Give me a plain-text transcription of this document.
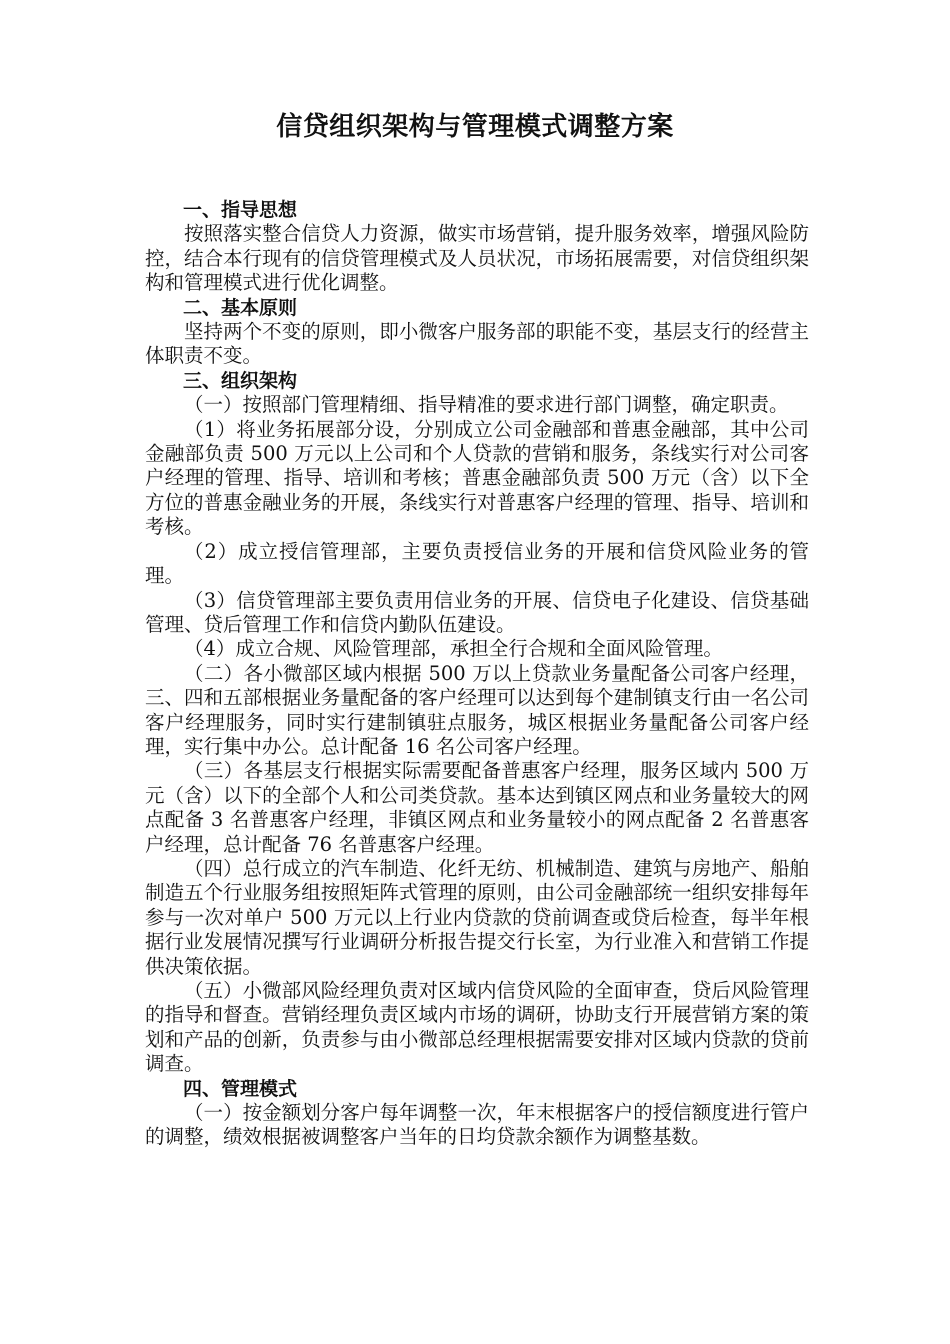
信贷组织架构与管理模式调整方案

一、指导思想

按照落实整合信贷人力资源，做实市场营销，提升服务效率，增强风险防控，结合本行现有的信贷管理模式及人员状况，市场拓展需要，对信贷组织架构和管理模式进行优化调整。

二、基本原则

坚持两个不变的原则，即小微客户服务部的职能不变，基层支行的经营主体职责不变。

三、组织架构

（一）按照部门管理精细、指导精准的要求进行部门调整，确定职责。

（1）将业务拓展部分设，分别成立公司金融部和普惠金融部，其中公司金融部负责 500 万元以上公司和个人贷款的营销和服务，条线实行对公司客户经理的管理、指导、培训和考核；普惠金融部负责 500 万元（含）以下全方位的普惠金融业务的开展，条线实行对普惠客户经理的管理、指导、培训和考核。

（2）成立授信管理部，主要负责授信业务的开展和信贷风险业务的管理。

（3）信贷管理部主要负责用信业务的开展、信贷电子化建设、信贷基础管理、贷后管理工作和信贷内勤队伍建设。

（4）成立合规、风险管理部，承担全行合规和全面风险管理。

（二）各小微部区域内根据 500 万以上贷款业务量配备公司客户经理，三、四和五部根据业务量配备的客户经理可以达到每个建制镇支行由一名公司客户经理服务，同时实行建制镇驻点服务，城区根据业务量配备公司客户经理，实行集中办公。总计配备 16 名公司客户经理。

（三）各基层支行根据实际需要配备普惠客户经理，服务区域内 500 万元（含）以下的全部个人和公司类贷款。基本达到镇区网点和业务量较大的网点配备 3 名普惠客户经理，非镇区网点和业务量较小的网点配备 2 名普惠客户经理，总计配备 76 名普惠客户经理。

（四）总行成立的汽车制造、化纤无纺、机械制造、建筑与房地产、船舶制造五个行业服务组按照矩阵式管理的原则，由公司金融部统一组织安排每年参与一次对单户 500 万元以上行业内贷款的贷前调查或贷后检查，每半年根据行业发展情况撰写行业调研分析报告提交行长室，为行业准入和营销工作提供决策依据。

（五）小微部风险经理负责对区域内信贷风险的全面审查，贷后风险管理的指导和督查。营销经理负责区域内市场的调研，协助支行开展营销方案的策划和产品的创新，负责参与由小微部总经理根据需要安排对区域内贷款的贷前调查。

四、管理模式

（一）按金额划分客户每年调整一次，年末根据客户的授信额度进行管户的调整，绩效根据被调整客户当年的日均贷款余额作为调整基数。
